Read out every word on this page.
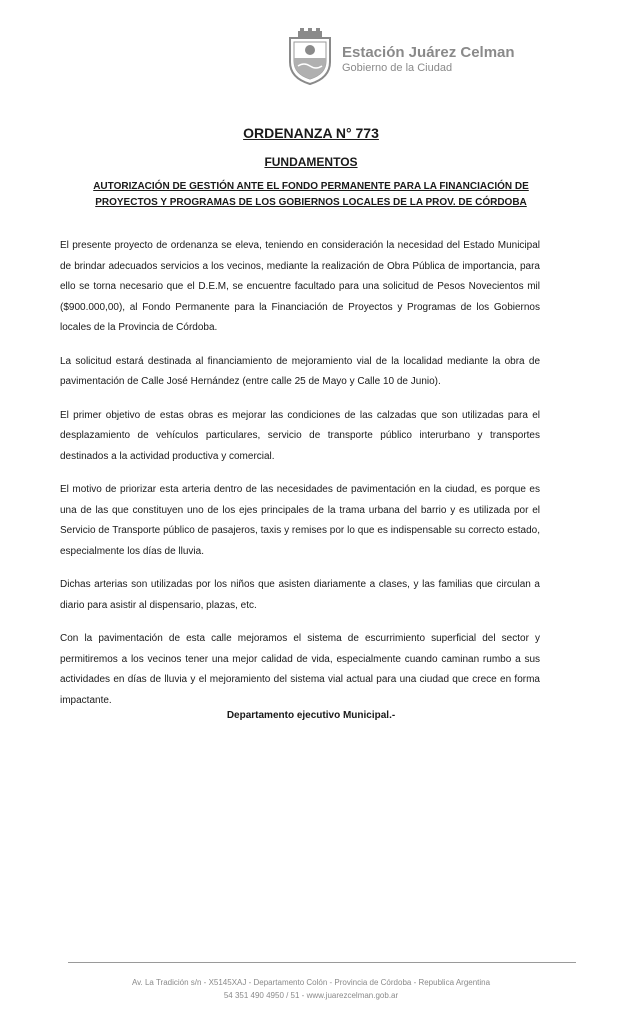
Estación Juárez Celman
Gobierno de la Ciudad
ORDENANZA N° 773
FUNDAMENTOS
AUTORIZACIÓN DE GESTIÓN ANTE EL FONDO PERMANENTE PARA LA FINANCIACIÓN DE PROYECTOS Y PROGRAMAS DE LOS GOBIERNOS LOCALES DE LA PROV. DE CÓRDOBA

El presente proyecto de ordenanza se eleva, teniendo en consideración la necesidad del Estado Municipal de brindar adecuados servicios a los vecinos, mediante la realización de Obra Pública de importancia, para ello se torna necesario que el D.E.M, se encuentre facultado para una solicitud de Pesos Novecientos mil ($900.000,00), al Fondo Permanente para la Financiación de Proyectos y Programas de los Gobiernos locales de la Provincia de Córdoba.

La solicitud estará destinada al financiamiento de mejoramiento vial de la localidad mediante la obra de pavimentación de Calle José Hernández (entre calle 25 de Mayo y Calle 10 de Junio).

El primer objetivo de estas obras es mejorar las condiciones de las calzadas que son utilizadas para el desplazamiento de vehículos particulares, servicio de transporte público interurbano y transportes destinados a la actividad productiva y comercial.

El motivo de priorizar esta arteria dentro de las necesidades de pavimentación en la ciudad, es porque es una de las que constituyen uno de los ejes principales de la trama urbana del barrio y es utilizada por el Servicio de Transporte público de pasajeros, taxis y remises por lo que es indispensable su correcto estado, especialmente los días de lluvia.

Dichas arterias son utilizadas por los niños que asisten diariamente a clases, y las familias que circulan a diario para asistir al dispensario, plazas, etc.

Con la pavimentación de esta calle mejoramos el sistema de escurrimiento superficial del sector y permitiremos a los vecinos tener una mejor calidad de vida, especialmente cuando caminan rumbo a sus actividades en días de lluvia y el mejoramiento del sistema vial actual para una ciudad que crece en forma impactante.

Departamento ejecutivo Municipal.-
Av. La Tradición s/n - X5145XAJ - Departamento Colón - Provincia de Córdoba - Republica Argentina
54 351 490 4950 / 51 - www.juarezcelman.gob.ar
